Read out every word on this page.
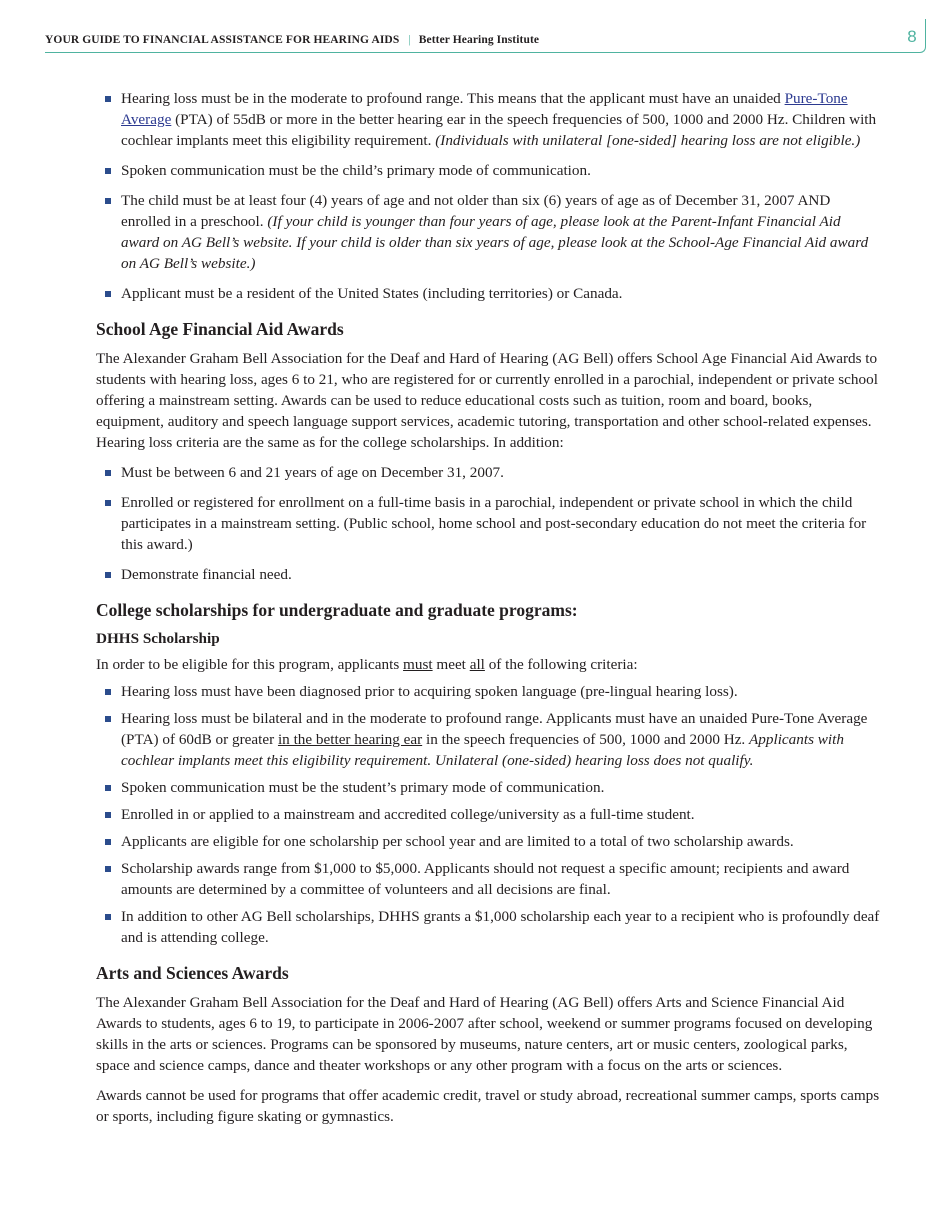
YOUR GUIDE TO FINANCIAL ASSISTANCE FOR HEARING AIDS | Better Hearing Institute	8
Hearing loss must be in the moderate to profound range. This means that the applicant must have an unaided Pure-Tone Average (PTA) of 55dB or more in the better hearing ear in the speech frequencies of 500, 1000 and 2000 Hz. Children with cochlear implants meet this eligibility requirement. (Individuals with unilateral [one-sided] hearing loss are not eligible.)
Spoken communication must be the child’s primary mode of communication.
The child must be at least four (4) years of age and not older than six (6) years of age as of December 31, 2007 AND enrolled in a preschool. (If your child is younger than four years of age, please look at the Parent-Infant Financial Aid award on AG Bell’s website. If your child is older than six years of age, please look at the School-Age Financial Aid award on AG Bell’s website.)
Applicant must be a resident of the United States (including territories) or Canada.
School Age Financial Aid Awards

The Alexander Graham Bell Association for the Deaf and Hard of Hearing (AG Bell) offers School Age Financial Aid Awards to students with hearing loss, ages 6 to 21, who are registered for or currently enrolled in a parochial, independent or private school offering a mainstream setting. Awards can be used to reduce educational costs such as tuition, room and board, books, equipment, auditory and speech language support services, academic tutoring, transportation and other school-related expenses. Hearing loss criteria are the same as for the college scholarships. In addition:

Must be between 6 and 21 years of age on December 31, 2007.
Enrolled or registered for enrollment on a full-time basis in a parochial, independent or private school in which the child participates in a mainstream setting. (Public school, home school and post-secondary education do not meet the criteria for this award.)
Demonstrate financial need.
College scholarships for undergraduate and graduate programs:
DHHS Scholarship

In order to be eligible for this program, applicants must meet all of the following criteria:

Hearing loss must have been diagnosed prior to acquiring spoken language (pre-lingual hearing loss).
Hearing loss must be bilateral and in the moderate to profound range. Applicants must have an unaided Pure-Tone Average (PTA) of 60dB or greater in the better hearing ear in the speech frequencies of 500, 1000 and 2000 Hz. Applicants with cochlear implants meet this eligibility requirement. Unilateral (one-sided) hearing loss does not qualify.
Spoken communication must be the student’s primary mode of communication.
Enrolled in or applied to a mainstream and accredited college/university as a full-time student.
Applicants are eligible for one scholarship per school year and are limited to a total of two scholarship awards.
Scholarship awards range from $1,000 to $5,000. Applicants should not request a specific amount; recipients and award amounts are determined by a committee of volunteers and all decisions are final.
In addition to other AG Bell scholarships, DHHS grants a $1,000 scholarship each year to a recipient who is profoundly deaf and is attending college.
Arts and Sciences Awards

The Alexander Graham Bell Association for the Deaf and Hard of Hearing (AG Bell) offers Arts and Science Financial Aid Awards to students, ages 6 to 19, to participate in 2006-2007 after school, weekend or summer programs focused on developing skills in the arts or sciences. Programs can be sponsored by museums, nature centers, art or music centers, zoological parks, space and science camps, dance and theater workshops or any other program with a focus on the arts or sciences.

Awards cannot be used for programs that offer academic credit, travel or study abroad, recreational summer camps, sports camps or sports, including figure skating or gymnastics.
